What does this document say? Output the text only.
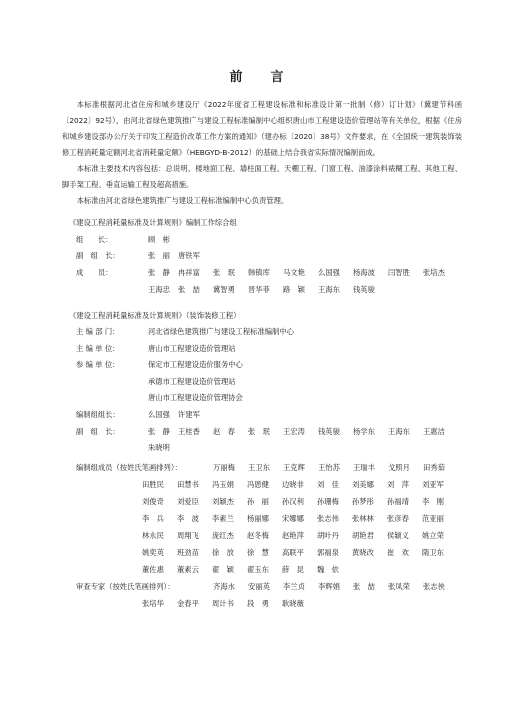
前 言

本标准根据河北省住房和城乡建设厅《2022年度省工程建设标准和标准设计第一批制（修）订计划》（冀建节科函〔2022〕92号），由河北省绿色建筑推广与建设工程标准编制中心组织唐山市工程建设造价管理站等有关单位，根据《住房和城乡建设部办公厅关于印发工程造价改革工作方案的通知》（建办标〔2020〕38号）文件要求，在《全国统一建筑装饰装修工程消耗量定额河北省消耗量定额》（HEBGYD-B-2012）的基础上结合我省实际情况编制而成。

本标准主要技术内容包括：总说明、楼地面工程、墙柱面工程、天棚工程、门窗工程、油漆涂料裱糊工程、其他工程、脚手架工程、垂直运输工程及超高措施。

本标准由河北省绿色建筑推广与建设工程标准编制中心负责管理。

《建设工程消耗量标准及计算规则》编制工作综合组
组　　长：	顾　彬
副　组　长：	张　丽 唐铁军
成　　员：	张　静 冉祥富 张　珉 韩镇库 马文艳 么国强 杨海波 闫智胜 张培杰
王海忠 张　喆 冀智勇 晋华菲 路　颖 王海东 钱英骏
《建设工程消耗量标准及计算规则》（装饰装修工程）
主 编 部 门：	河北省绿色建筑推广与建设工程标准编制中心
主 编 单 位：	唐山市工程建设造价管理站
参 编 单 位：	保定市工程建设造价服务中心
承德市工程建设造价管理站
唐山市工程建设造价管理协会
编制组组长：	么国强 许建军
副　组　长：	张　静 王桂香 赵　春 张　珉 王宏涛 钱英骏 杨学东 王海东 王惠洁
朱晓明
编制组成员（按姓氏笔画排列）：	万丽梅 王卫东 王克辉 王怡苏 王瑞丰 戈照月 田秀茹
田胜民 田慧书 冯玉娟 冯恩健 边晓非 刘　佳 刘美娜 刘　萍 刘亚军
刘俊奇 刘爱臣 刘颖杰 孙　丽 孙汉利 孙珊梅 孙梦彤 孙福靖 李　刚
李　兵 李　波 李素兰 杨丽娜 宋娜娜 张志伟 张林林 张彦春 范亚丽
林永民 周翔飞 庞红杰 赵冬梅 赵艳萍 胡叶丹 胡艳君 侯颖义 姚立荣
姚奕英 班劲苗 徐　放 徐　慧 高联平 郭福泉 黄晓改 崔　欢 隋卫东
董佐惠 董素云 翟　颖 翟玉东 薛　昆 魏　依
审查专家（按姓氏笔画排列）：	齐海水 安丽英 李兰贞 李辉娟 张　喆 张凤荣 张志侠
张培华 金春平 周计书 段　勇 耿晓薇
